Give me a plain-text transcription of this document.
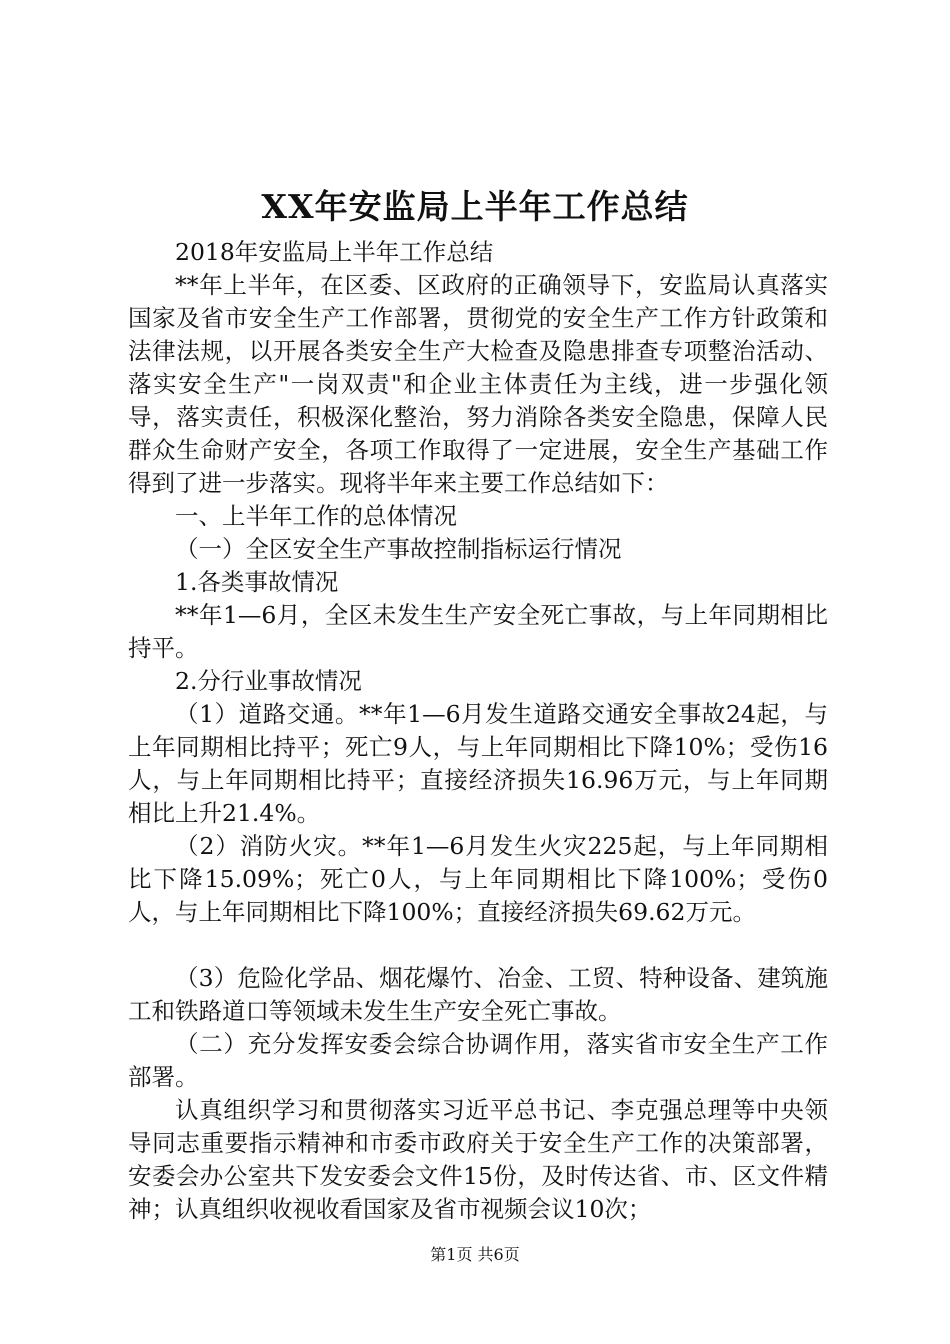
XX年安监局上半年工作总结

2018年安监局上半年工作总结

**年上半年，在区委、区政府的正确领导下，安监局认真落实国家及省市安全生产工作部署，贯彻党的安全生产工作方针政策和法律法规，以开展各类安全生产大检查及隐患排查专项整治活动、落实安全生产"一岗双责"和企业主体责任为主线，进一步强化领导，落实责任，积极深化整治，努力消除各类安全隐患，保障人民群众生命财产安全，各项工作取得了一定进展，安全生产基础工作得到了进一步落实。现将半年来主要工作总结如下：

一、上半年工作的总体情况

（一）全区安全生产事故控制指标运行情况

1.各类事故情况

**年1—6月，全区未发生生产安全死亡事故，与上年同期相比持平。

2.分行业事故情况

（1）道路交通。**年1—6月发生道路交通安全事故24起，与上年同期相比持平；死亡9人，与上年同期相比下降10%；受伤16人，与上年同期相比持平；直接经济损失16.96万元，与上年同期相比上升21.4%。

（2）消防火灾。**年1—6月发生火灾225起，与上年同期相比下降15.09%；死亡0人，与上年同期相比下降100%；受伤0人，与上年同期相比下降100%；直接经济损失69.62万元。

（3）危险化学品、烟花爆竹、冶金、工贸、特种设备、建筑施工和铁路道口等领域未发生生产安全死亡事故。

（二）充分发挥安委会综合协调作用，落实省市安全生产工作部署。

认真组织学习和贯彻落实习近平总书记、李克强总理等中央领导同志重要指示精神和市委市政府关于安全生产工作的决策部署，安委会办公室共下发安委会文件15份，及时传达省、市、区文件精神；认真组织收视收看国家及省市视频会议10次；

第1页 共6页
